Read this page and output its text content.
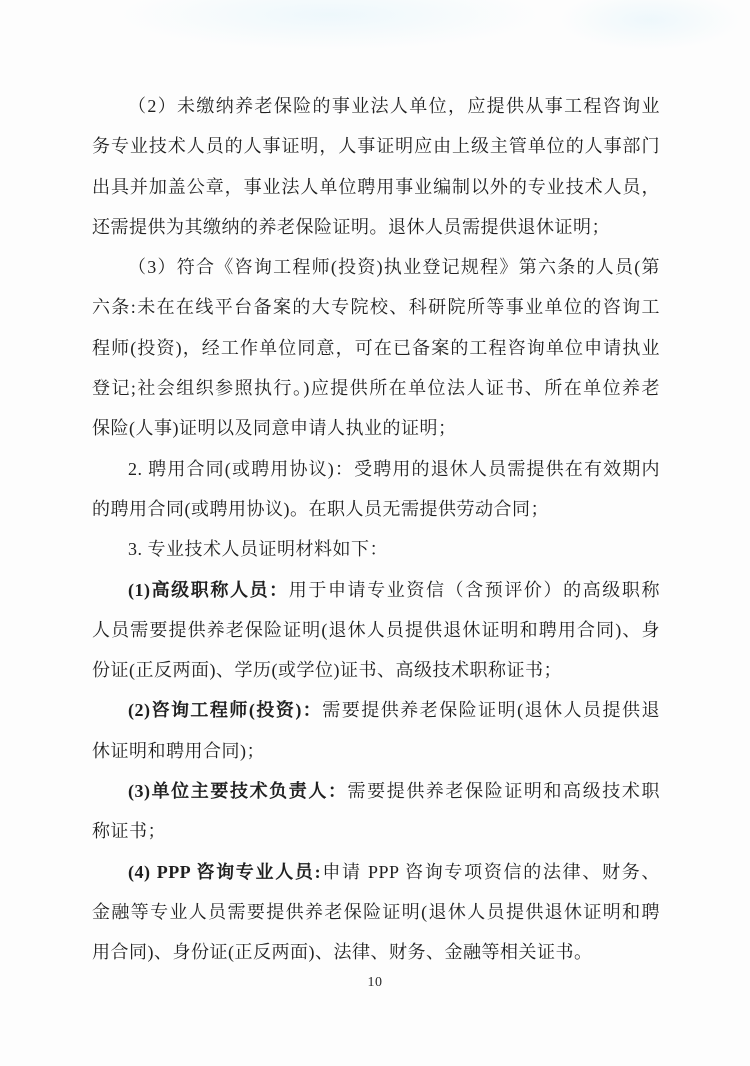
（2）未缴纳养老保险的事业法人单位，应提供从事工程咨询业
务专业技术人员的人事证明，人事证明应由上级主管单位的人事部门
出具并加盖公章，事业法人单位聘用事业编制以外的专业技术人员，
还需提供为其缴纳的养老保险证明。退休人员需提供退休证明；
（3）符合《咨询工程师(投资)执业登记规程》第六条的人员(第
六条:未在在线平台备案的大专院校、科研院所等事业单位的咨询工
程师(投资)，经工作单位同意，可在已备案的工程咨询单位申请执业
登记;社会组织参照执行。)应提供所在单位法人证书、所在单位养老
保险(人事)证明以及同意申请人执业的证明；
2. 聘用合同(或聘用协议)：受聘用的退休人员需提供在有效期内
的聘用合同(或聘用协议)。在职人员无需提供劳动合同；
3. 专业技术人员证明材料如下：
(1)高级职称人员：用于申请专业资信（含预评价）的高级职称
人员需要提供养老保险证明(退休人员提供退休证明和聘用合同)、身
份证(正反两面)、学历(或学位)证书、高级技术职称证书；
(2)咨询工程师(投资)：需要提供养老保险证明(退休人员提供退
休证明和聘用合同)；
(3)单位主要技术负责人：需要提供养老保险证明和高级技术职
称证书；
(4) PPP 咨询专业人员:申请 PPP 咨询专项资信的法律、财务、
金融等专业人员需要提供养老保险证明(退休人员提供退休证明和聘
用合同)、身份证(正反两面)、法律、财务、金融等相关证书。
10
